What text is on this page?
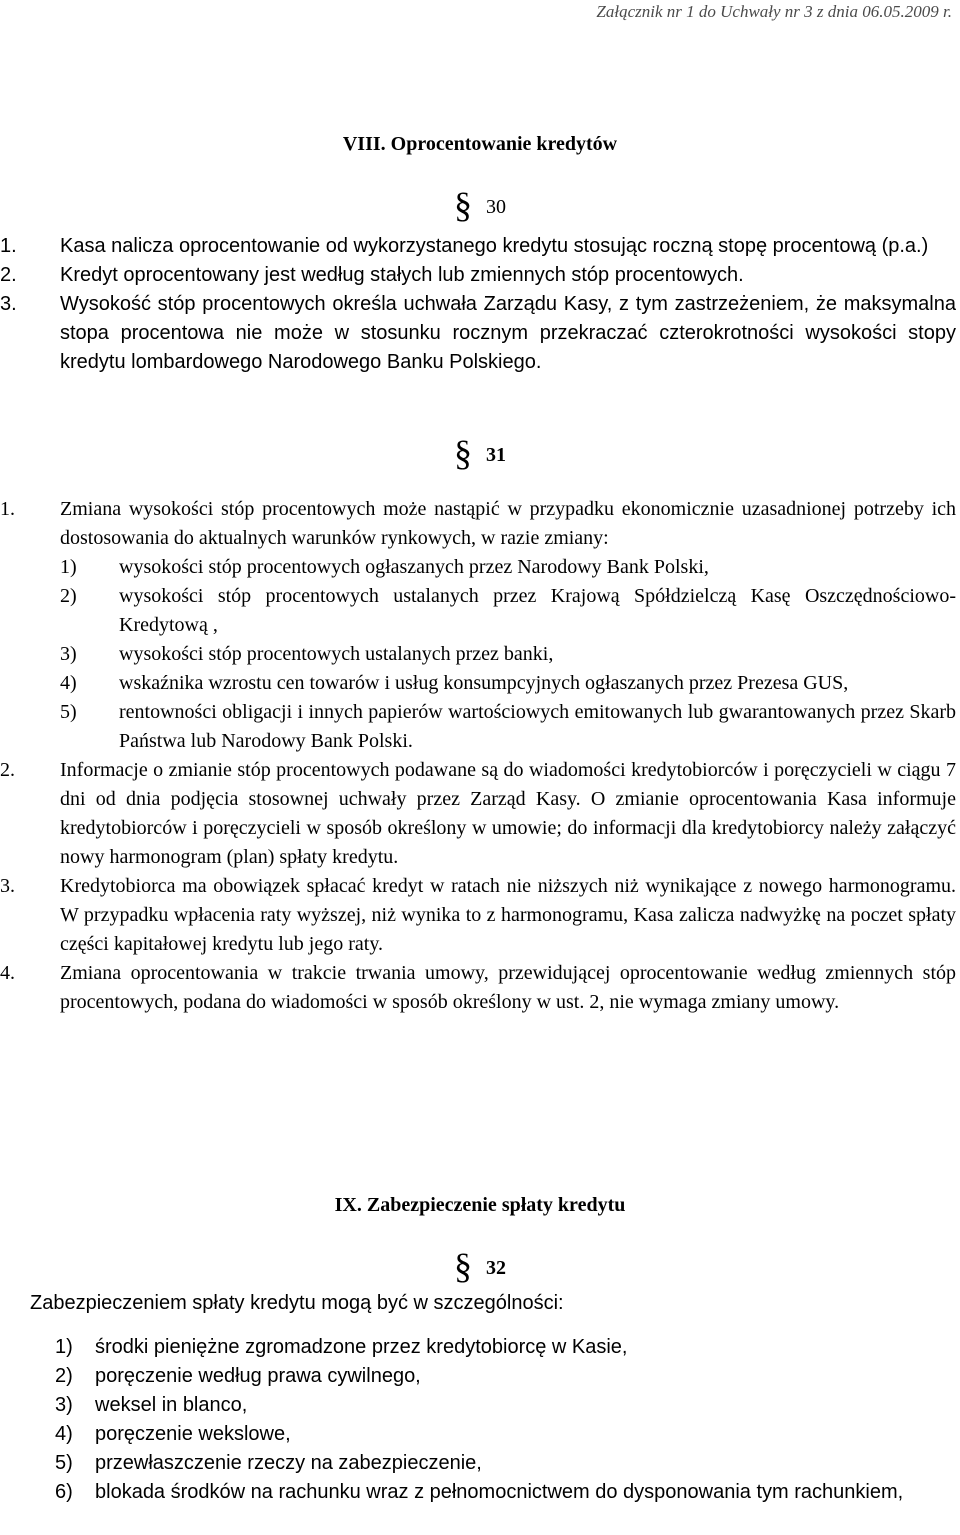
Załącznik nr 1 do Uchwały nr 3 z dnia 06.05.2009 r.
VIII. Oprocentowanie kredytów
§ 30
1. Kasa nalicza oprocentowanie od wykorzystanego kredytu stosując roczną stopę procentową (p.a.)
2. Kredyt oprocentowany jest według stałych lub zmiennych stóp procentowych.
3. Wysokość stóp procentowych określa uchwała Zarządu Kasy, z tym zastrzeżeniem, że maksymalna stopa procentowa nie może w stosunku rocznym przekraczać czterokrotności wysokości stopy kredytu lombardowego Narodowego Banku Polskiego.
§ 31
1. Zmiana wysokości stóp procentowych może nastąpić w przypadku ekonomicznie uzasadnionej potrzeby ich dostosowania do aktualnych warunków rynkowych, w razie zmiany:
1) wysokości stóp procentowych ogłaszanych przez Narodowy Bank Polski,
2) wysokości stóp procentowych ustalanych przez Krajową Spółdzielczą Kasę Oszczędnościowo-Kredytową ,
3) wysokości stóp procentowych ustalanych przez banki,
4) wskaźnika wzrostu cen towarów i usług konsumpcyjnych ogłaszanych przez Prezesa GUS,
5) rentowności obligacji i innych papierów wartościowych emitowanych lub gwarantowanych przez Skarb Państwa lub Narodowy Bank Polski.
2. Informacje o zmianie stóp procentowych podawane są do wiadomości kredytobiorców i poręczycieli w ciągu 7 dni od dnia podjęcia stosownej uchwały przez Zarząd Kasy. O zmianie oprocentowania Kasa informuje kredytobiorców i poręczycieli w sposób określony w umowie; do informacji dla kredytobiorcy należy załączyć nowy harmonogram (plan) spłaty kredytu.
3. Kredytobiorca ma obowiązek spłacać kredyt w ratach nie niższych niż wynikające z nowego harmonogramu. W przypadku wpłacenia raty wyższej, niż wynika to z harmonogramu, Kasa zalicza nadwyżkę na poczet spłaty części kapitałowej kredytu lub jego raty.
4. Zmiana oprocentowania w trakcie trwania umowy, przewidującej oprocentowanie według zmiennych stóp procentowych, podana do wiadomości w sposób określony w ust. 2, nie wymaga zmiany umowy.
IX. Zabezpieczenie spłaty kredytu
§ 32
Zabezpieczeniem spłaty kredytu mogą być w szczególności:
1) środki pieniężne zgromadzone przez kredytobiorcę w Kasie,
2) poręczenie według prawa cywilnego,
3) weksel in blanco,
4) poręczenie wekslowe,
5) przewłaszczenie rzeczy na zabezpieczenie,
6) blokada środków na rachunku wraz z pełnomocnictwem do dysponowania tym rachunkiem,
